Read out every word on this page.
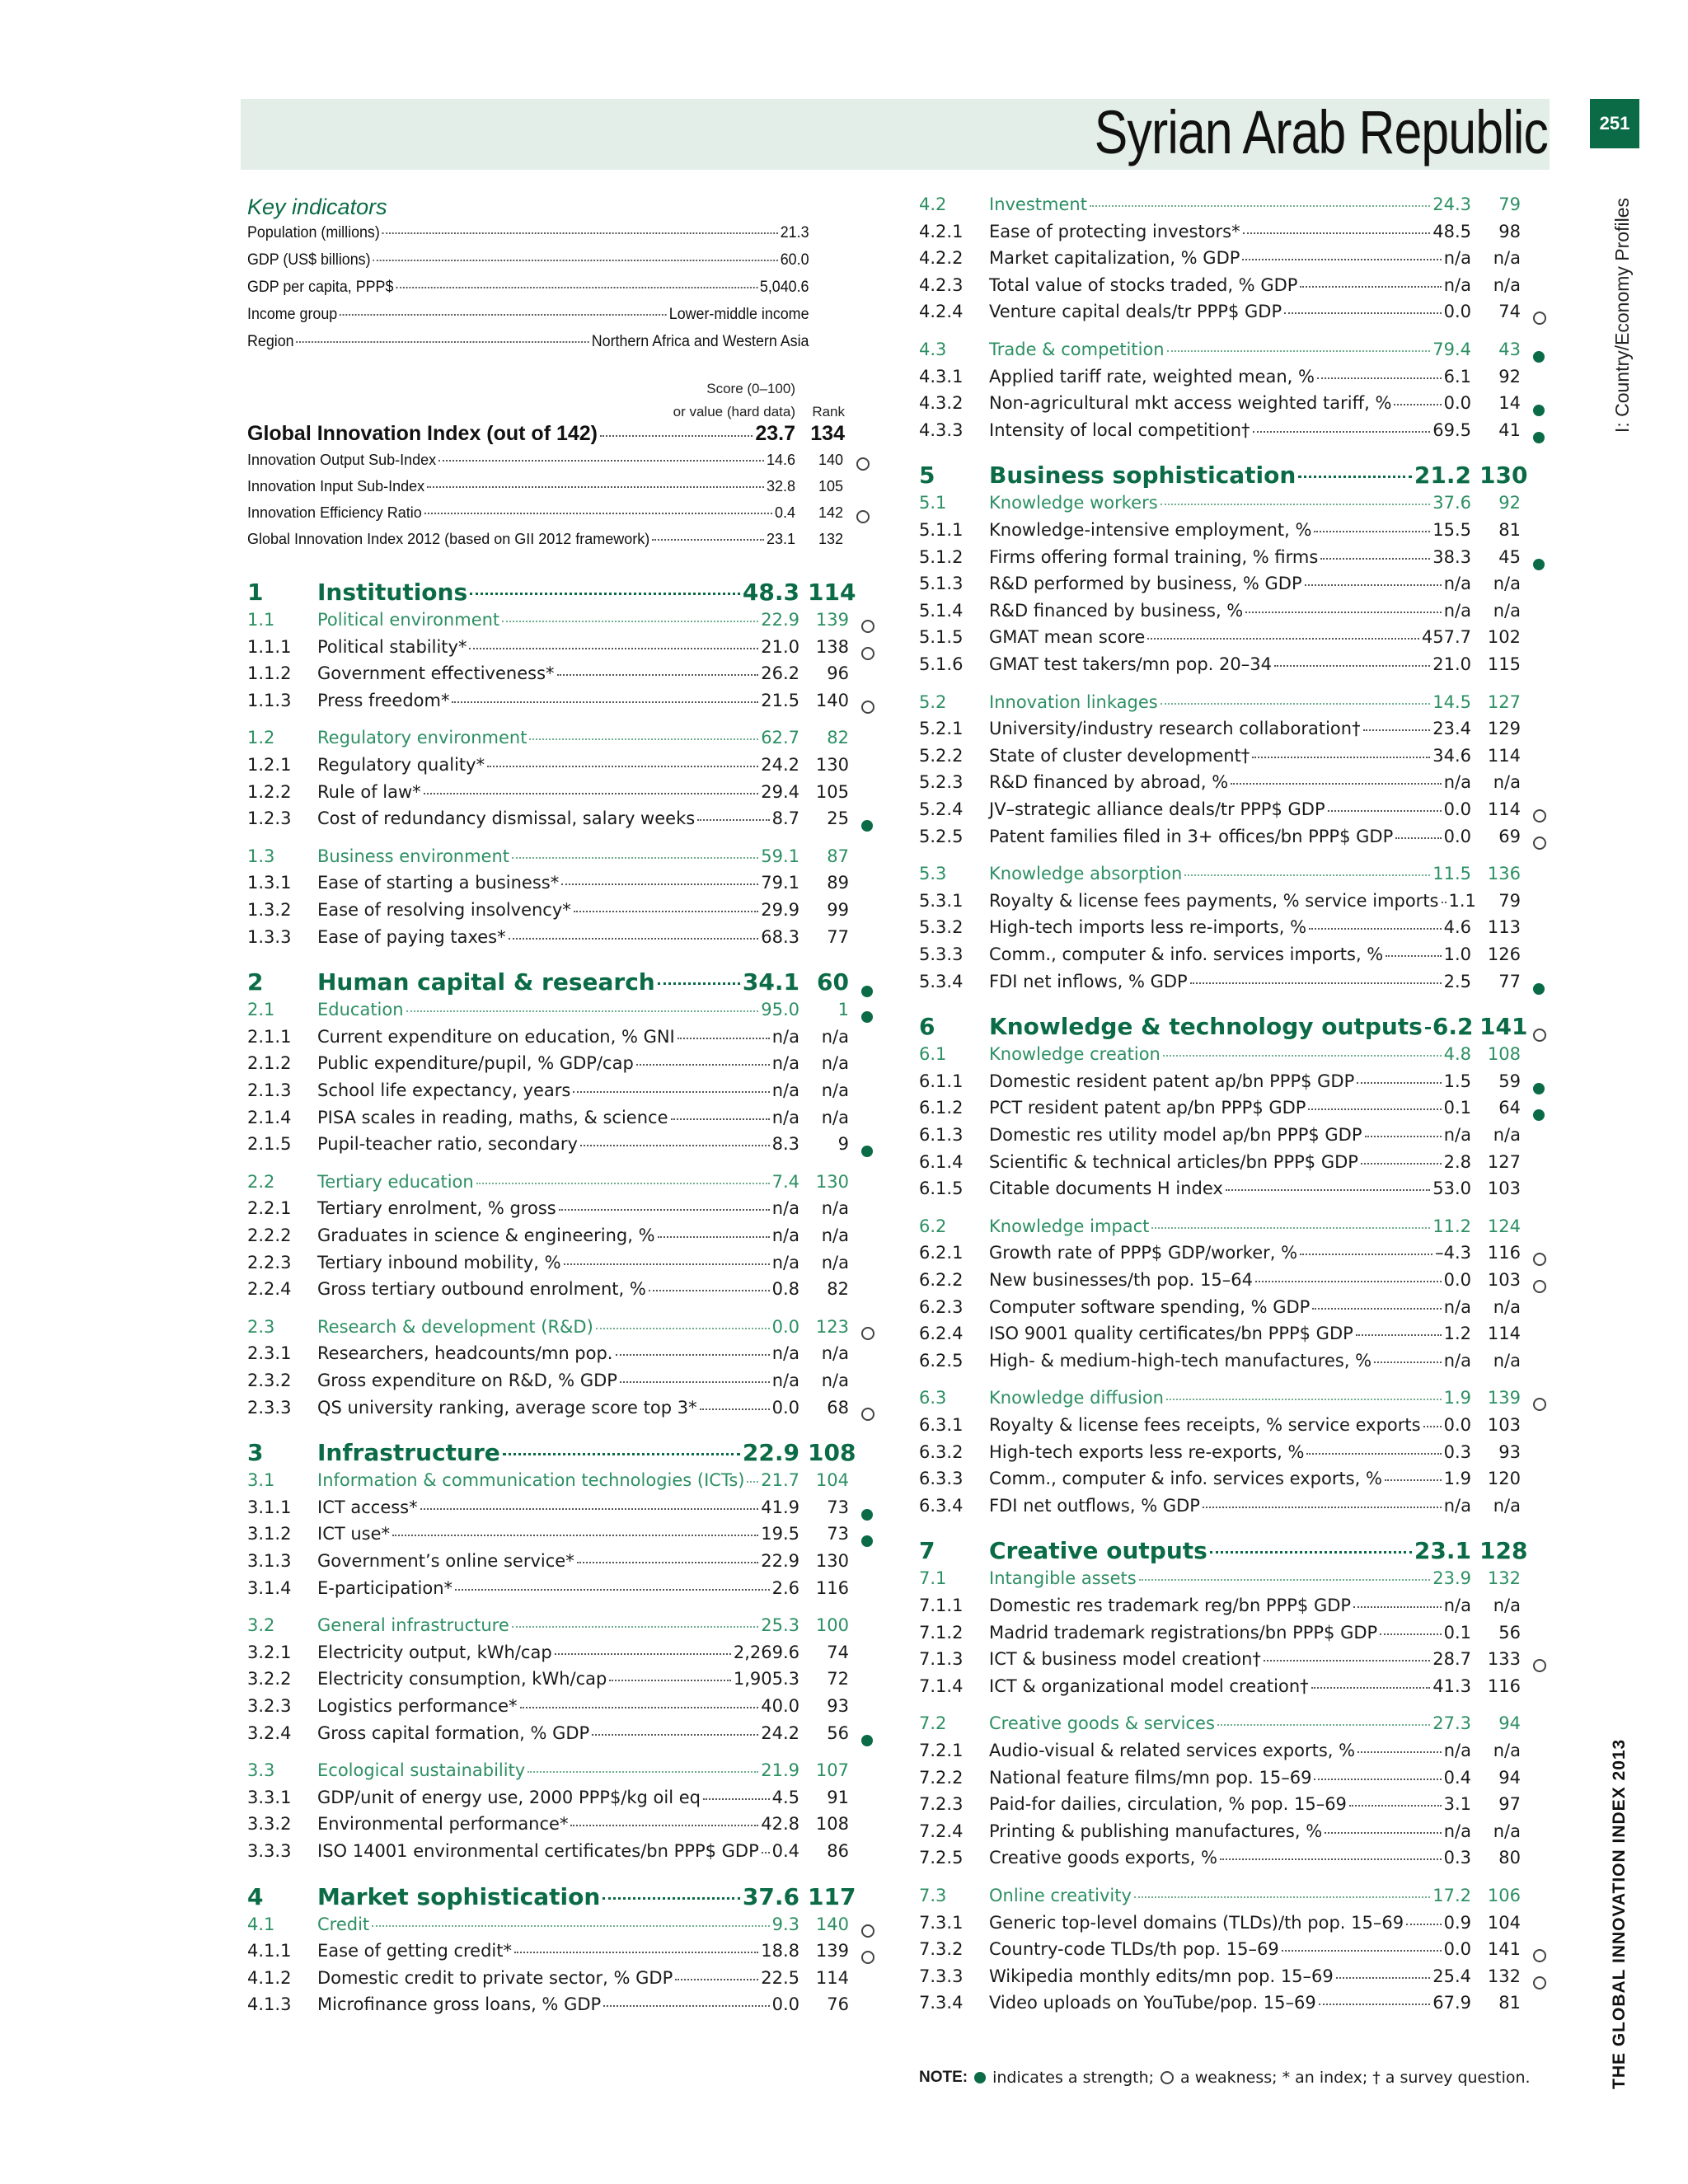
Syrian Arab Republic	251
I: Country/Economy Profiles
THE GLOBAL INNOVATION INDEX 2013
Key indicators
Population (millions)	21.3
GDP (US$ billions)	60.0
GDP per capita, PPP$	5,040.6
Income group	Lower-middle income
Region	Northern Africa and Western Asia
Score (0–100)
or value (hard data)	Rank
Global Innovation Index (out of 142)	23.7 134
Innovation Output Sub-Index	14.6	140
Innovation Input Sub-Index	32.8	105
Innovation Efficiency Ratio	0.4	142
Global Innovation Index 2012 (based on GII 2012 framework)	23.1	132
1 Institutions	48.3 114
1.1 Political environment	22.9 139
1.1.1 Political stability*	21.0 138
1.1.2 Government effectiveness*	26.2	96
1.1.3 Press freedom*	21.5 140
1.2 Regulatory environment	62.7	82
1.2.1 Regulatory quality*	24.2 130
1.2.2 Rule of law*	29.4 105
1.2.3 Cost of redundancy dismissal, salary weeks	8.7	25
1.3 Business environment	59.1	87
1.3.1 Ease of starting a business*	79.1	89
1.3.2 Ease of resolving insolvency*	29.9	99
1.3.3 Ease of paying taxes*	68.3	77
2 Human capital & research	34.1 60
2.1 Education	95.0	1
2.1.1 Current expenditure on education, % GNI	n/a	n/a
2.1.2 Public expenditure/pupil, % GDP/cap	n/a	n/a
2.1.3 School life expectancy, years	n/a	n/a
2.1.4 PISA scales in reading, maths, & science	n/a	n/a
2.1.5 Pupil-teacher ratio, secondary	8.3	9
2.2 Tertiary education	7.4 130
2.2.1 Tertiary enrolment, % gross	n/a	n/a
2.2.2 Graduates in science & engineering, %	n/a	n/a
2.2.3 Tertiary inbound mobility, %	n/a	n/a
2.2.4 Gross tertiary outbound enrolment, %	0.8	82
2.3 Research & development (R&D)	0.0 123
2.3.1 Researchers, headcounts/mn pop.	n/a	n/a
2.3.2 Gross expenditure on R&D, % GDP	n/a	n/a
2.3.3 QS university ranking, average score top 3*	0.0	68
3 Infrastructure	22.9 108
3.1 Information & communication technologies (ICTs) 21.7 104
3.1.1 ICT access*	41.9	73
3.1.2 ICT use*	19.5	73
3.1.3 Government’s online service*	22.9 130
3.1.4 E-participation*	2.6 116
3.2 General infrastructure	25.3 100
3.2.1 Electricity output, kWh/cap	2,269.6	74
3.2.2 Electricity consumption, kWh/cap	1,905.3	72
3.2.3 Logistics performance*	40.0	93
3.2.4 Gross capital formation, % GDP	24.2	56
3.3 Ecological sustainability	21.9 107
3.3.1 GDP/unit of energy use, 2000 PPP$/kg oil eq	4.5	91
3.3.2 Environmental performance*	42.8 108
3.3.3 ISO 14001 environmental certificates/bn PPP$ GDP 0.4	86
4 Market sophistication	37.6 117
4.1 Credit	9.3 140
4.1.1 Ease of getting credit*	18.8 139
4.1.2 Domestic credit to private sector, % GDP	22.5 114
4.1.3 Microfinance gross loans, % GDP	0.0	76
4.2 Investment	24.3	79
4.2.1 Ease of protecting investors*	48.5	98
4.2.2 Market capitalization, % GDP	n/a	n/a
4.2.3 Total value of stocks traded, % GDP	n/a	n/a
4.2.4 Venture capital deals/tr PPP$ GDP	0.0	74
4.3 Trade & competition	79.4	43
4.3.1 Applied tariff rate, weighted mean, %	6.1	92
4.3.2 Non-agricultural mkt access weighted tariff, %	0.0	14
4.3.3 Intensity of local competition†	69.5	41
5 Business sophistication	21.2 130
5.1 Knowledge workers	37.6	92
5.1.1 Knowledge-intensive employment, %	15.5	81
5.1.2 Firms offering formal training, % firms	38.3	45
5.1.3 R&D performed by business, % GDP	n/a	n/a
5.1.4 R&D financed by business, %	n/a	n/a
5.1.5 GMAT mean score	457.7 102
5.1.6 GMAT test takers/mn pop. 20–34	21.0 115
5.2 Innovation linkages	14.5 127
5.2.1 University/industry research collaboration†	23.4 129
5.2.2 State of cluster development†	34.6 114
5.2.3 R&D financed by abroad, %	n/a	n/a
5.2.4 JV–strategic alliance deals/tr PPP$ GDP	0.0 114
5.2.5 Patent families filed in 3+ offices/bn PPP$ GDP	0.0	69
5.3 Knowledge absorption	11.5 136
5.3.1 Royalty & license fees payments, % service imports 1.1	79
5.3.2 High-tech imports less re-imports, %	4.6 113
5.3.3 Comm., computer & info. services imports, %	1.0 126
5.3.4 FDI net inflows, % GDP	2.5	77
6 Knowledge & technology outputs 6.2 141
6.1 Knowledge creation	4.8 108
6.1.1 Domestic resident patent ap/bn PPP$ GDP	1.5	59
6.1.2 PCT resident patent ap/bn PPP$ GDP	0.1	64
6.1.3 Domestic res utility model ap/bn PPP$ GDP	n/a	n/a
6.1.4 Scientific & technical articles/bn PPP$ GDP	2.8 127
6.1.5 Citable documents H index	53.0 103
6.2 Knowledge impact	11.2 124
6.2.1 Growth rate of PPP$ GDP/worker, %	–4.3 116
6.2.2 New businesses/th pop. 15–64	0.0 103
6.2.3 Computer software spending, % GDP	n/a	n/a
6.2.4 ISO 9001 quality certificates/bn PPP$ GDP	1.2 114
6.2.5 High- & medium-high-tech manufactures, %	n/a	n/a
6.3 Knowledge diffusion	1.9 139
6.3.1 Royalty & license fees receipts, % service exports 0.0 103
6.3.2 High-tech exports less re-exports, %	0.3	93
6.3.3 Comm., computer & info. services exports, %	1.9 120
6.3.4 FDI net outflows, % GDP	n/a	n/a
7 Creative outputs	23.1 128
7.1 Intangible assets	23.9 132
7.1.1 Domestic res trademark reg/bn PPP$ GDP	n/a	n/a
7.1.2 Madrid trademark registrations/bn PPP$ GDP	0.1	56
7.1.3 ICT & business model creation†	28.7 133
7.1.4 ICT & organizational model creation†	41.3 116
7.2 Creative goods & services	27.3	94
7.2.1 Audio-visual & related services exports, %	n/a	n/a
7.2.2 National feature films/mn pop. 15–69	0.4	94
7.2.3 Paid-for dailies, circulation, % pop. 15–69	3.1	97
7.2.4 Printing & publishing manufactures, %	n/a	n/a
7.2.5 Creative goods exports, %	0.3	80
7.3 Online creativity	17.2 106
7.3.1 Generic top-level domains (TLDs)/th pop. 15–69 0.9 104
7.3.2 Country-code TLDs/th pop. 15–69	0.0 141
7.3.3 Wikipedia monthly edits/mn pop. 15–69	25.4 132
7.3.4 Video uploads on YouTube/pop. 15–69	67.9	81
NOTE: indicates a strength; a weakness; * an index; † a survey question.
